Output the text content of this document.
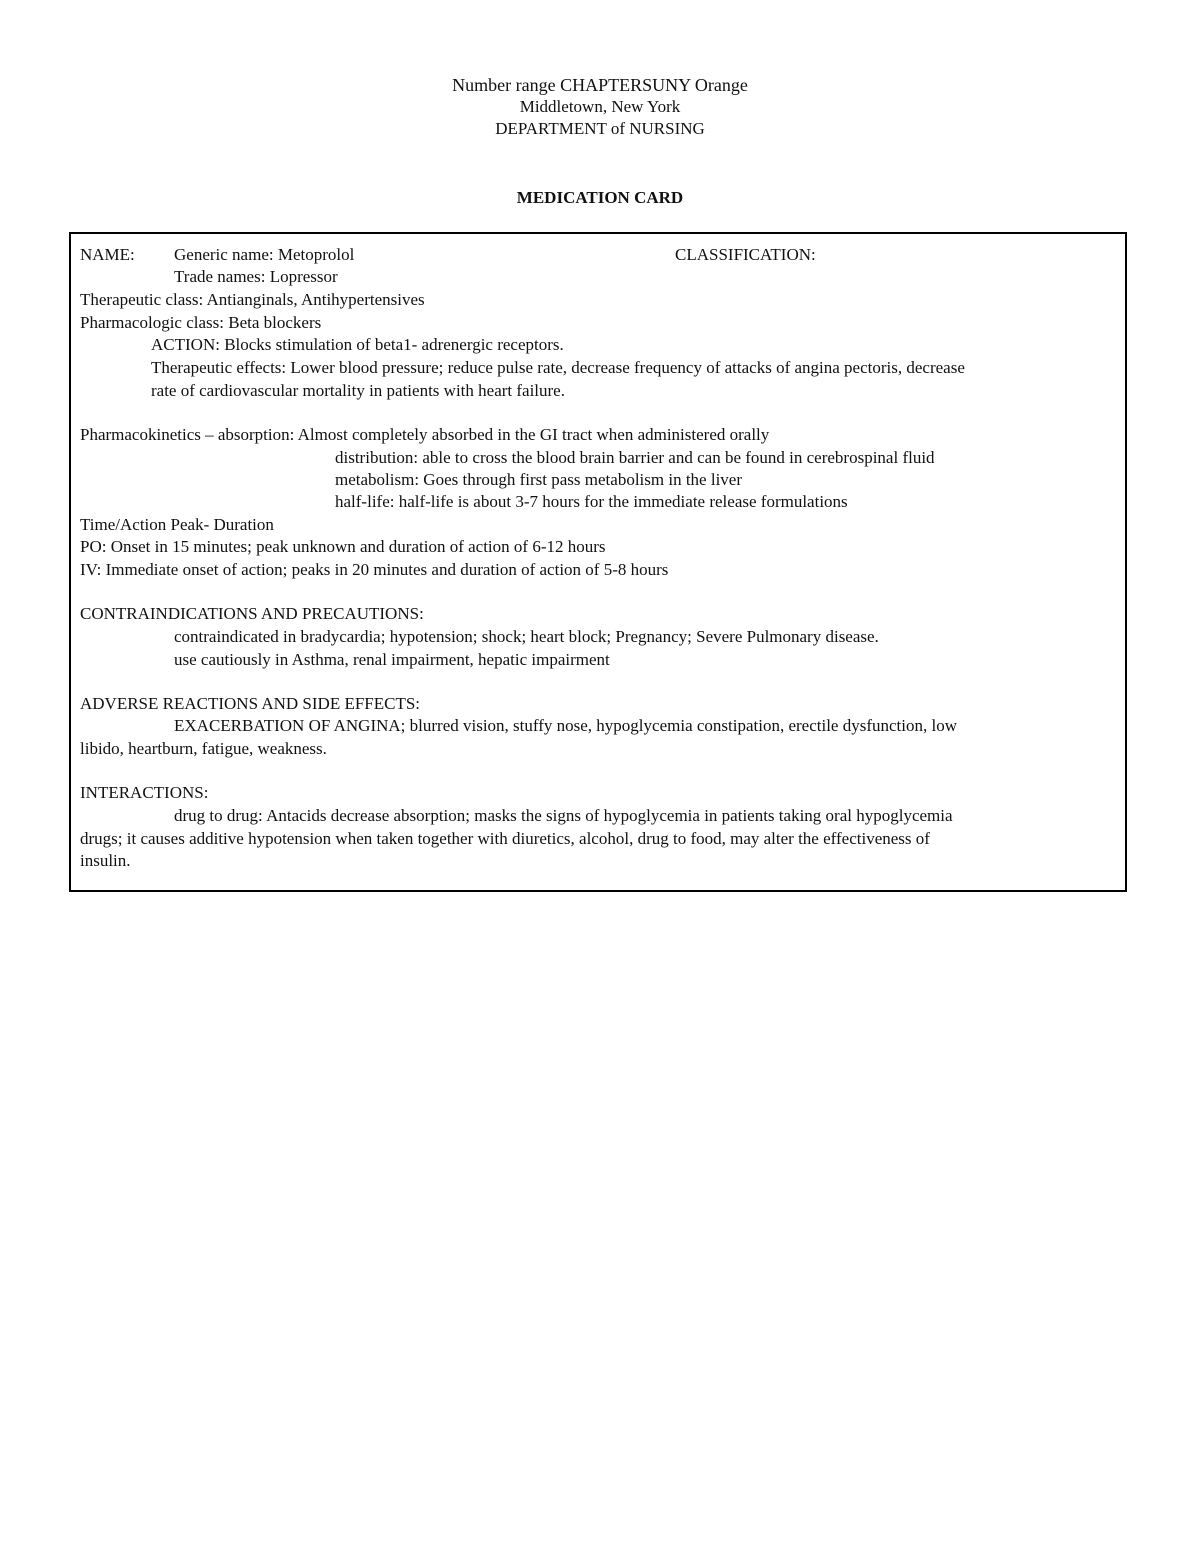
Number range CHAPTERSUNY Orange
Middletown, New York
DEPARTMENT of NURSING
MEDICATION CARD
NAME: Generic name: Metoprolol	CLASSIFICATION:
Trade names: Lopressor
Therapeutic class: Antianginals, Antihypertensives
Pharmacologic class: Beta blockers
ACTION: Blocks stimulation of beta1- adrenergic receptors.
Therapeutic effects: Lower blood pressure; reduce pulse rate, decrease frequency of attacks of angina pectoris, decrease
rate of cardiovascular mortality in patients with heart failure.
Pharmacokinetics – absorption: Almost completely absorbed in the GI tract when administered orally
distribution: able to cross the blood brain barrier and can be found in cerebrospinal fluid
metabolism: Goes through first pass metabolism in the liver
half-life: half-life is about 3-7 hours for the immediate release formulations
Time/Action Peak- Duration
PO: Onset in 15 minutes; peak unknown and duration of action of 6-12 hours
IV: Immediate onset of action; peaks in 20 minutes and duration of action of 5-8 hours
CONTRAINDICATIONS AND PRECAUTIONS:
contraindicated in bradycardia; hypotension; shock; heart block; Pregnancy; Severe Pulmonary disease.
use cautiously in Asthma, renal impairment, hepatic impairment
ADVERSE REACTIONS AND SIDE EFFECTS:
EXACERBATION OF ANGINA; blurred vision, stuffy nose, hypoglycemia constipation, erectile dysfunction, low
libido, heartburn, fatigue, weakness.
INTERACTIONS:
drug to drug: Antacids decrease absorption; masks the signs of hypoglycemia in patients taking oral hypoglycemia
drugs; it causes additive hypotension when taken together with diuretics, alcohol, drug to food, may alter the effectiveness of
insulin.
